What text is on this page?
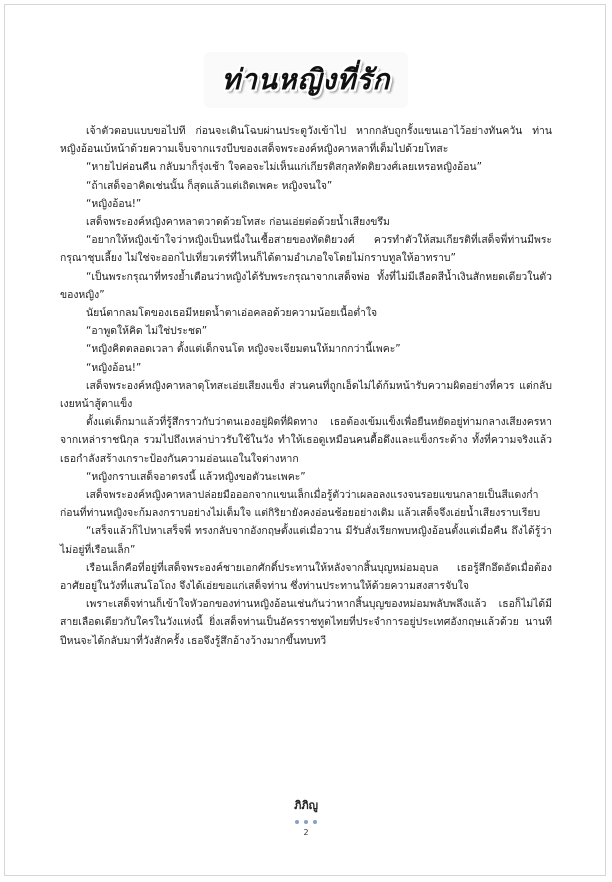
ท่านหญิงที่รัก

เจ้าตัวตอบแบบขอไปที ก่อนจะเดินโฉบผ่านประตูวังเข้าไป หากกลับถูกรั้งแขนเอาไว้อย่างทันควัน ท่านหญิงอ้อนเบ้หน้าด้วยความเจ็บจากแรงบีบของเสด็จพระองค์หญิงคาหลาที่เต็มไปด้วยโทสะ

“หายไปค่อนคืน กลับมาก็รุ่งเช้า ใจคอจะไม่เห็นแก่เกียรติสกุลทัดติยวงศ์เลยเหรอหญิงอ้อน”

“ถ้าเสด็จอาคิดเช่นนั้น ก็สุดแล้วแต่เถิดเพคะ หญิงจนใจ”

“หญิงอ้อน!”

เสด็จพระองค์หญิงคาหลาตวาดด้วยโทสะ ก่อนเอ่ยต่อด้วยน้ำเสียงขรึม

“อยากให้หญิงเข้าใจว่าหญิงเป็นหนึ่งในเชื้อสายของทัดติยวงศ์ ควรทำตัวให้สมเกียรติที่เสด็จพี่ท่านมีพระกรุณาชุบเลี้ยง ไม่ใช่จะออกไปเที่ยวเตร่ที่ไหนก็ได้ตามอำเภอใจโดยไม่กราบทูลให้อาทราบ”

“เป็นพระกรุณาที่ทรงย้ำเตือนว่าหญิงได้รับพระกรุณาจากเสด็จพ่อ ทั้งที่ไม่มีเลือดสีน้ำเงินสักหยดเดียวในตัวของหญิง”

นัยน์ตากลมโตของเธอมีหยดน้ำตาเอ่อคลอด้วยความน้อยเนื้อต่ำใจ

“อาพูดให้คิด ไม่ใช่ประชด”

“หญิงคิดตลอดเวลา ตั้งแต่เด็กจนโต หญิงจะเจียมตนให้มากกว่านี้เพคะ”

“หญิงอ้อน!”

เสด็จพระองค์หญิงคาหลาดุโทสะเอ่ยเสียงแข็ง ส่วนคนที่ถูกเอ็ดไม่ได้ก้มหน้ารับความผิดอย่างที่ควร แต่กลับเงยหน้าสู้ตาแข็ง

ตั้งแต่เด็กมาแล้วที่รู้สึกราวกับว่าตนเองอยู่ผิดที่ผิดทาง เธอต้องเข้มแข็งเพื่อยืนหยัดอยู่ท่ามกลางเสียงครหาจากเหล่าราชนิกุล รวมไปถึงเหล่าบ่าวรับใช้ในวัง ทำให้เธอดูเหมือนคนดื้อดึงและแข็งกระด้าง ทั้งที่ความจริงแล้วเธอกำลังสร้างเกราะป้องกันความอ่อนแอในใจต่างหาก

“หญิงกราบเสด็จอาตรงนี้ แล้วหญิงขอตัวนะเพคะ”

เสด็จพระองค์หญิงคาหลาปล่อยมือออกจากแขนเล็กเมื่อรู้ตัวว่าเผลอลงแรงจนรอยแขนกลายเป็นสีแดงก่ำ ก่อนที่ท่านหญิงจะก้มลงกราบอย่างไม่เต็มใจ แต่กิริยายังคงอ่อนช้อยอย่างเดิม แล้วเสด็จจึงเอ่ยน้ำเสียงราบเรียบ

“เสร็จแล้วก็ไปหาเสร็จพี่ ทรงกลับจากอังกฤษตั้งแต่เมื่อวาน มีรับสั่งเรียกพบหญิงอ้อนตั้งแต่เมื่อคืน ถึงได้รู้ว่าไม่อยู่ที่เรือนเล็ก”

เรือนเล็กคือที่อยู่ที่เสด็จพระองค์ชายเอกศักดิ์ประทานให้หลังจากสิ้นบุญหม่อมอุบล เธอรู้สึกอึดอัดเมื่อต้องอาศัยอยู่ในวังที่แสนโอโถง จึงได้เอ่ยขอแก่เสด็จท่าน ซึ่งท่านประทานให้ด้วยความสงสารจับใจ

เพราะเสด็จท่านก็เข้าใจหัวอกของท่านหญิงอ้อนเช่นกันว่าหากสิ้นบุญของหม่อมพลับพลึงแล้ว เธอก็ไม่ได้มีสายเลือดเดียวกับใครในวังแห่งนี้ ยิ่งเสด็จท่านเป็นอัครราชทูตไทยที่ประจำการอยู่ประเทศอังกฤษแล้วด้วย นานทีปีหนจะได้กลับมาที่วังสักครั้ง เธอจึงรู้สึกอ้างว้างมากขึ้นทบทวี

ภิภิญู
2
